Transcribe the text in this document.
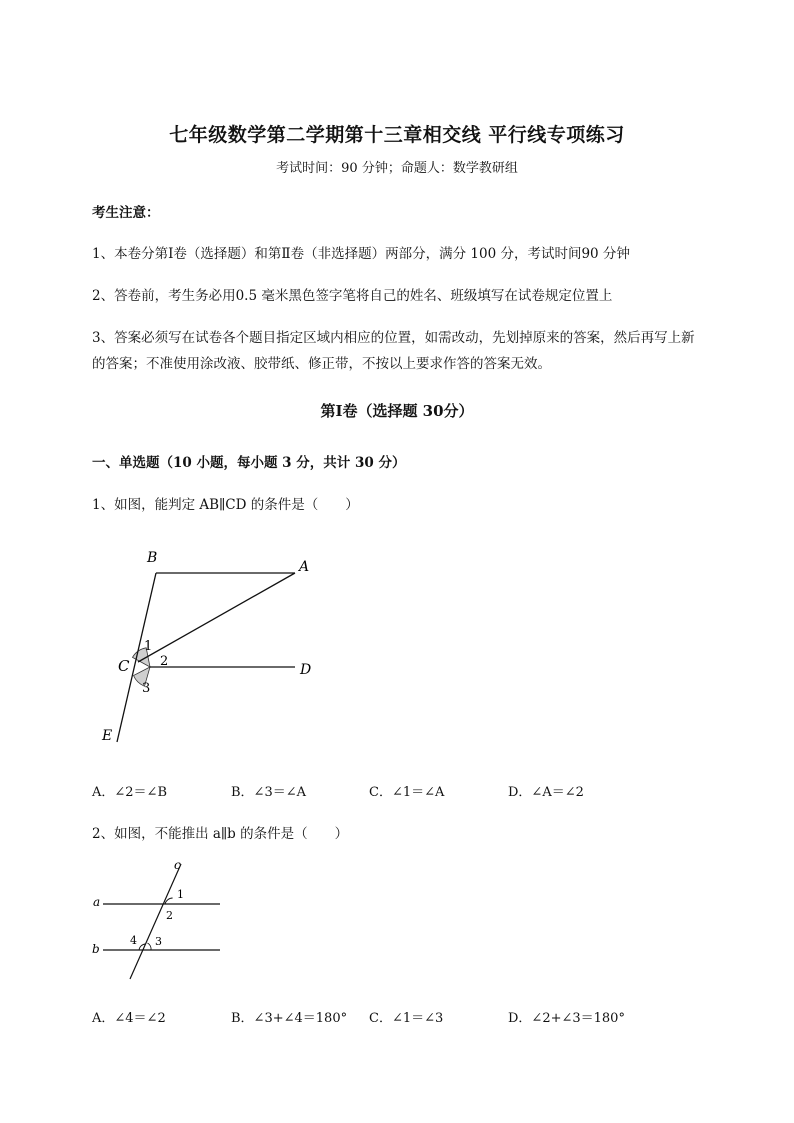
七年级数学第二学期第十三章相交线 平行线专项练习
考试时间：90 分钟；命题人：数学教研组
考生注意：
1、本卷分第Ⅰ卷（选择题）和第Ⅱ卷（非选择题）两部分，满分 100 分，考试时间90 分钟
2、答卷前，考生务必用0.5 毫米黑色签字笔将自己的姓名、班级填写在试卷规定位置上
3、答案必须写在试卷各个题目指定区域内相应的位置，如需改动，先划掉原来的答案，然后再写上新
的答案；不准使用涂改液、胶带纸、修正带，不按以上要求作答的答案无效。
第Ⅰ卷（选择题 30分）
一、单选题（10 小题，每小题 3 分，共计 30 分）
1、如图，能判定 AB∥CD 的条件是（　　）
B
A
1
C 2
D
3
E
A．∠2＝∠B	B．∠3＝∠A	C．∠1＝∠A	D．∠A＝∠2
2、如图，不能推出 a∥b 的条件是（　　）
c
1
a
2
4 3
b
A．∠4＝∠2	B．∠3+∠4＝180° C．∠1＝∠3	D．∠2+∠3＝180°
